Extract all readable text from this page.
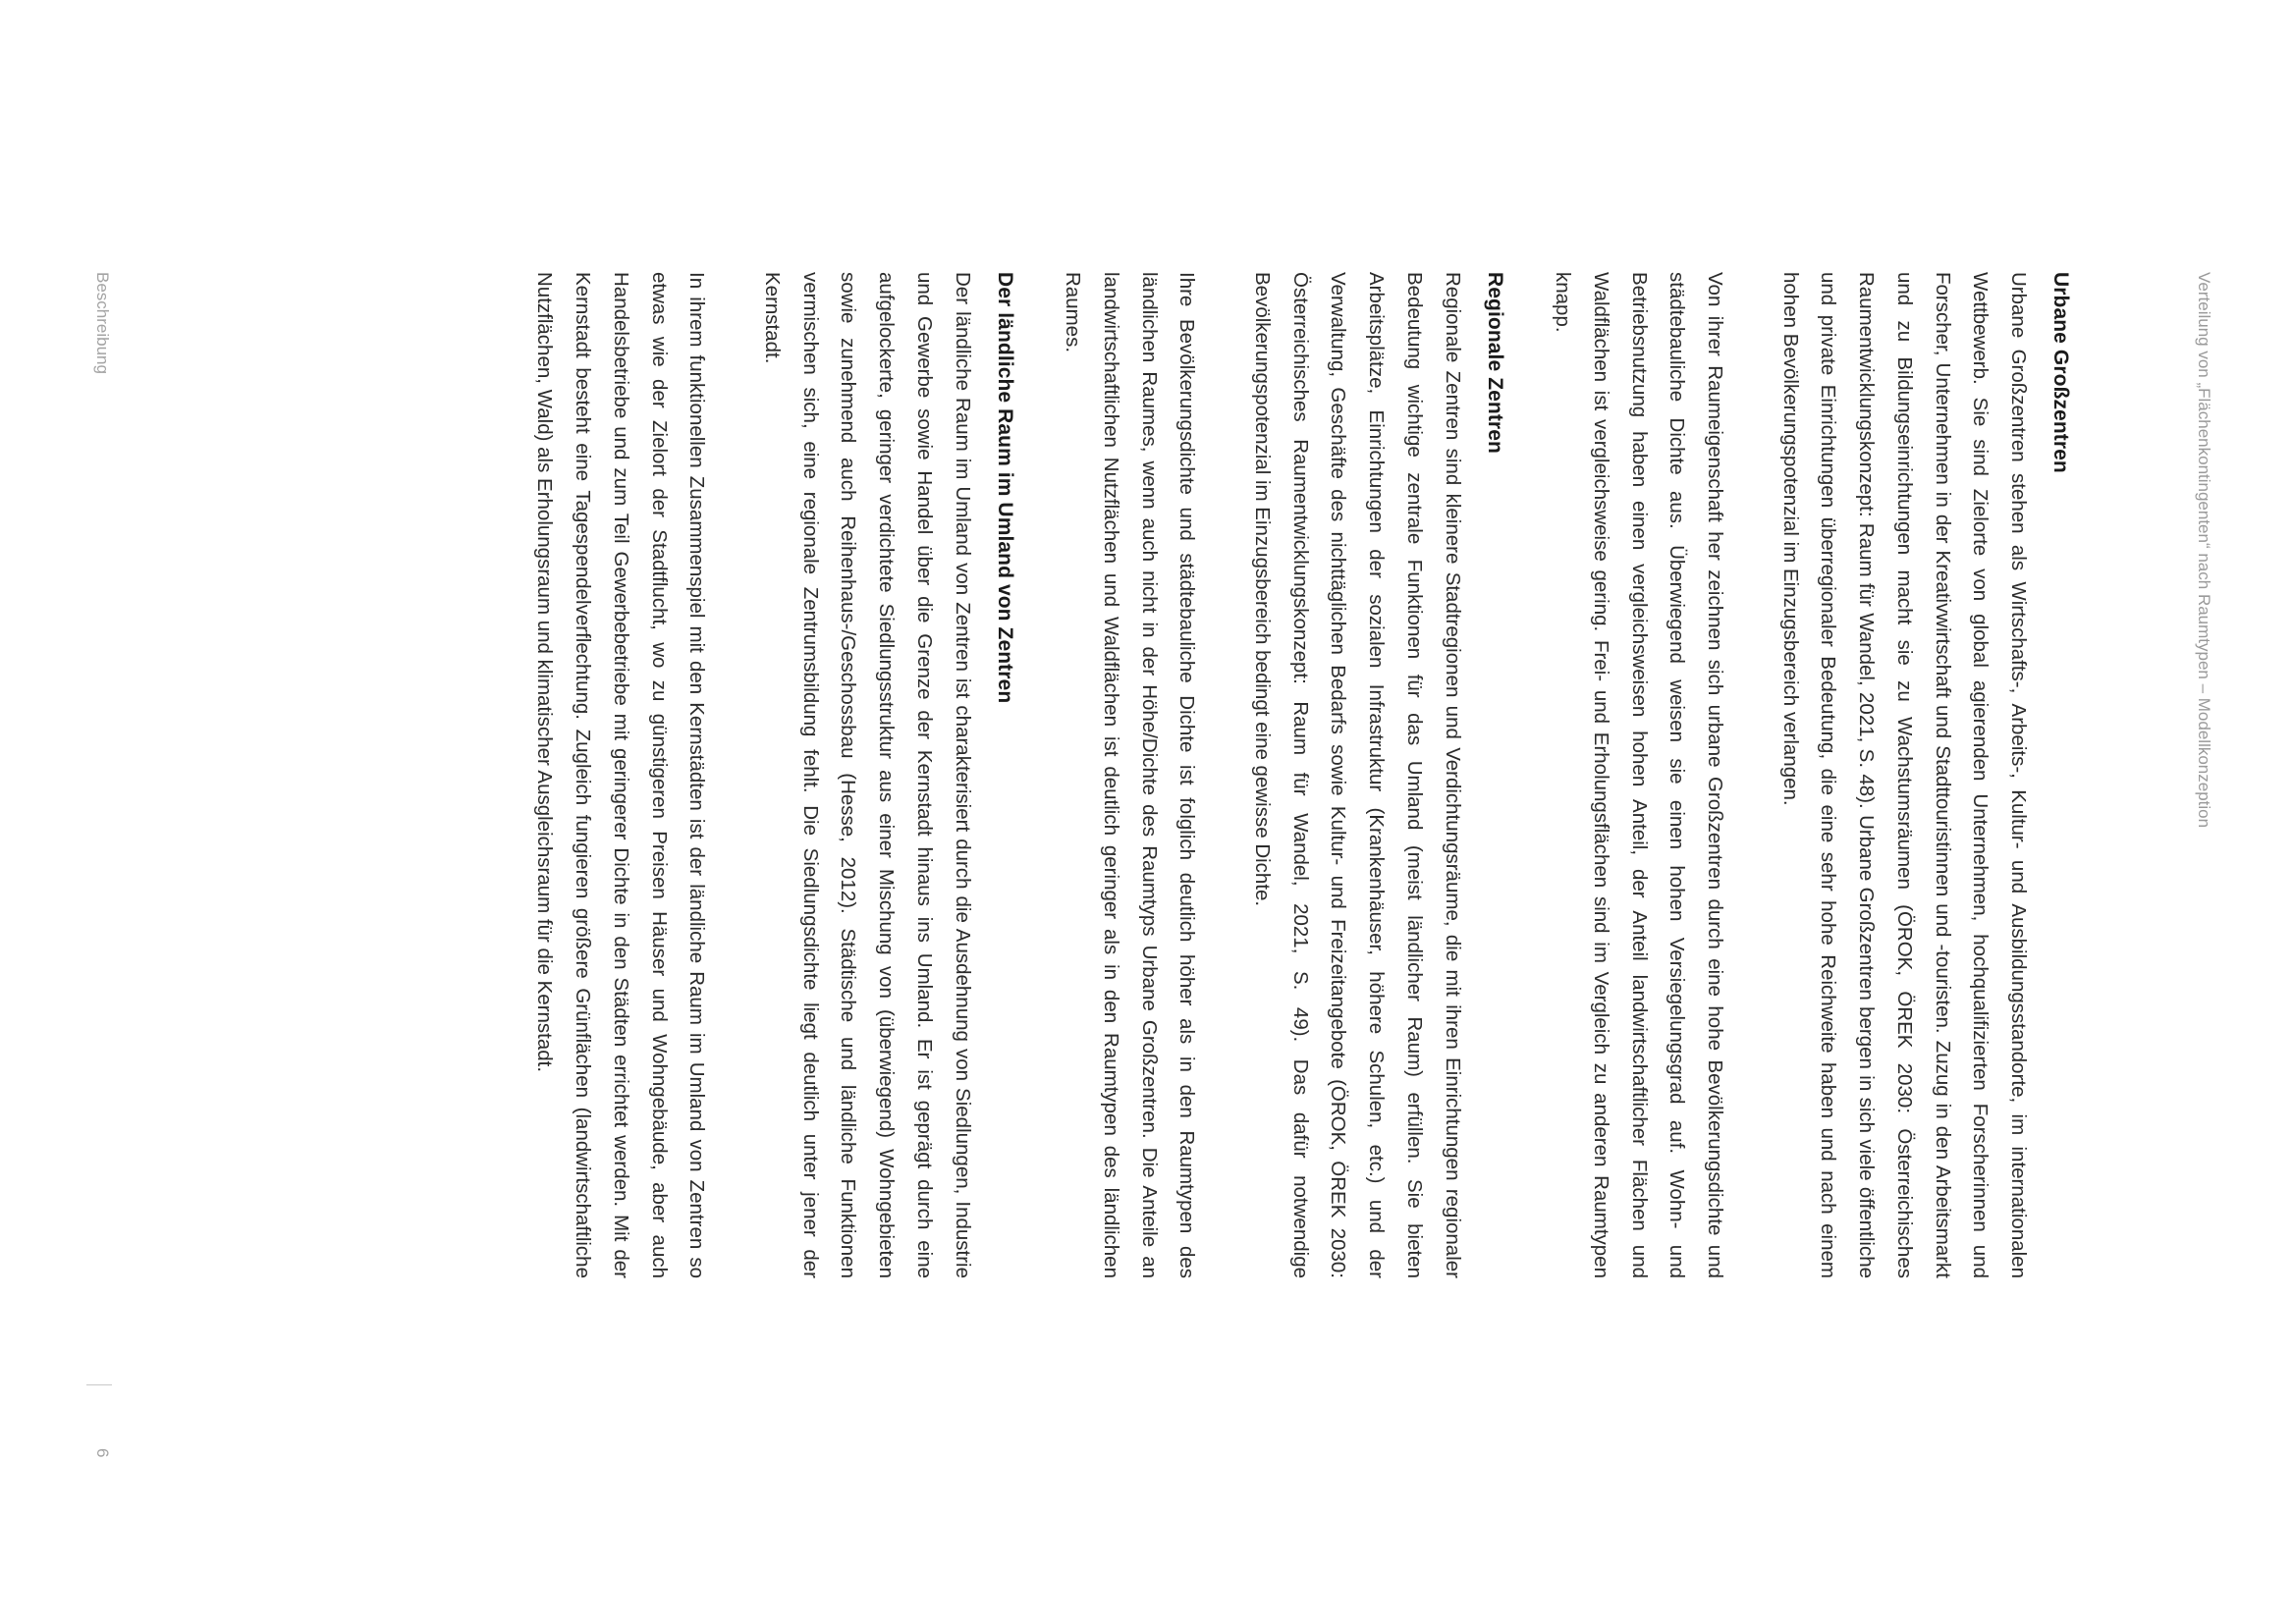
Verteilung von „Flächenkontingenten“ nach Raumtypen – Modellkonzeption
Urbane Großzentren

Urbane Großzentren stehen als Wirtschafts-, Arbeits-, Kultur- und Ausbildungsstandorte, im internationalen Wettbewerb. Sie sind Zielorte von global agierenden Unternehmen, hochqualifizierten Forscherinnen und Forscher, Unternehmen in der Kreativwirtschaft und Stadttouristinnen und -touristen. Zuzug in den Arbeitsmarkt und zu Bildungseinrichtungen macht sie zu Wachstumsräumen (ÖROK, ÖREK 2030: Österreichisches Raumentwicklungskonzept: Raum für Wandel, 2021, S. 48). Urbane Großzentren bergen in sich viele öffentliche und private Einrichtungen überregionaler Bedeutung, die eine sehr hohe Reichweite haben und nach einem hohen Bevölkerungspotenzial im Einzugsbereich verlangen.

Von ihrer Raumeigenschaft her zeichnen sich urbane Großzentren durch eine hohe Bevölkerungsdichte und städtebauliche Dichte aus. Überwiegend weisen sie einen hohen Versiegelungsgrad auf. Wohn- und Betriebsnutzung haben einen vergleichsweisen hohen Anteil, der Anteil landwirtschaftlicher Flächen und Waldflächen ist vergleichsweise gering. Frei- und Erholungsflächen sind im Vergleich zu anderen Raumtypen knapp.

Regionale Zentren

Regionale Zentren sind kleinere Stadtregionen und Verdichtungsräume, die mit ihren Einrichtungen regionaler Bedeutung wichtige zentrale Funktionen für das Umland (meist ländlicher Raum) erfüllen. Sie bieten Arbeitsplätze, Einrichtungen der sozialen Infrastruktur (Krankenhäuser, höhere Schulen, etc.) und der Verwaltung, Geschäfte des nichttäglichen Bedarfs sowie Kultur- und Freizeitangebote (ÖROK, ÖREK 2030: Österreichisches Raumentwicklungskonzept: Raum für Wandel, 2021, S. 49). Das dafür notwendige Bevölkerungspotenzial im Einzugsbereich bedingt eine gewisse Dichte.

Ihre Bevölkerungsdichte und städtebauliche Dichte ist folglich deutlich höher als in den Raumtypen des ländlichen Raumes, wenn auch nicht in der Höhe/Dichte des Raumtyps Urbane Großzentren. Die Anteile an landwirtschaftlichen Nutzflächen und Waldflächen ist deutlich geringer als in den Raumtypen des ländlichen Raumes.

Der ländliche Raum im Umland von Zentren

Der ländliche Raum im Umland von Zentren ist charakterisiert durch die Ausdehnung von Siedlungen, Industrie und Gewerbe sowie Handel über die Grenze der Kernstadt hinaus ins Umland. Er ist geprägt durch eine aufgelockerte, geringer verdichtete Siedlungsstruktur aus einer Mischung von (überwiegend) Wohngebieten sowie zunehmend auch Reihenhaus-/Geschossbau (Hesse, 2012). Städtische und ländliche Funktionen vermischen sich, eine regionale Zentrumsbildung fehlt. Die Siedlungsdichte liegt deutlich unter jener der Kernstadt.

In ihrem funktionellen Zusammenspiel mit den Kernstädten ist der ländliche Raum im Umland von Zentren so etwas wie der Zielort der Stadtflucht, wo zu günstigeren Preisen Häuser und Wohngebäude, aber auch Handelsbetriebe und zum Teil Gewerbebetriebe mit geringerer Dichte in den Städten errichtet werden. Mit der Kernstadt besteht eine Tagespendelverflechtung. Zugleich fungieren größere Grünflächen (landwirtschaftliche Nutzflächen, Wald) als Erholungsraum und klimatischer Ausgleichsraum für die Kernstadt.

Beschreibung
6
